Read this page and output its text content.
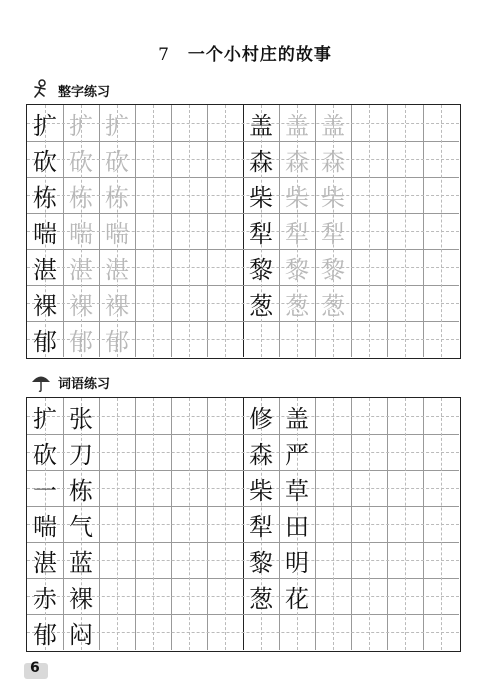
7 一个小村庄的故事
整字练习
扩 扩 扩
砍 砍 砍
栋 栋 栋
喘 喘 喘
湛 湛 湛
裸 裸 裸
郁 郁 郁
盖 盖 盖
森 森 森
柴 柴 柴
犁 犁 犁
黎 黎 黎
葱 葱 葱
词语练习
扩 张
砍 刀
一 栋
喘 气
湛 蓝
赤 裸
郁 闷
修 盖
森 严
柴 草
犁 田
黎 明
葱 花
6
